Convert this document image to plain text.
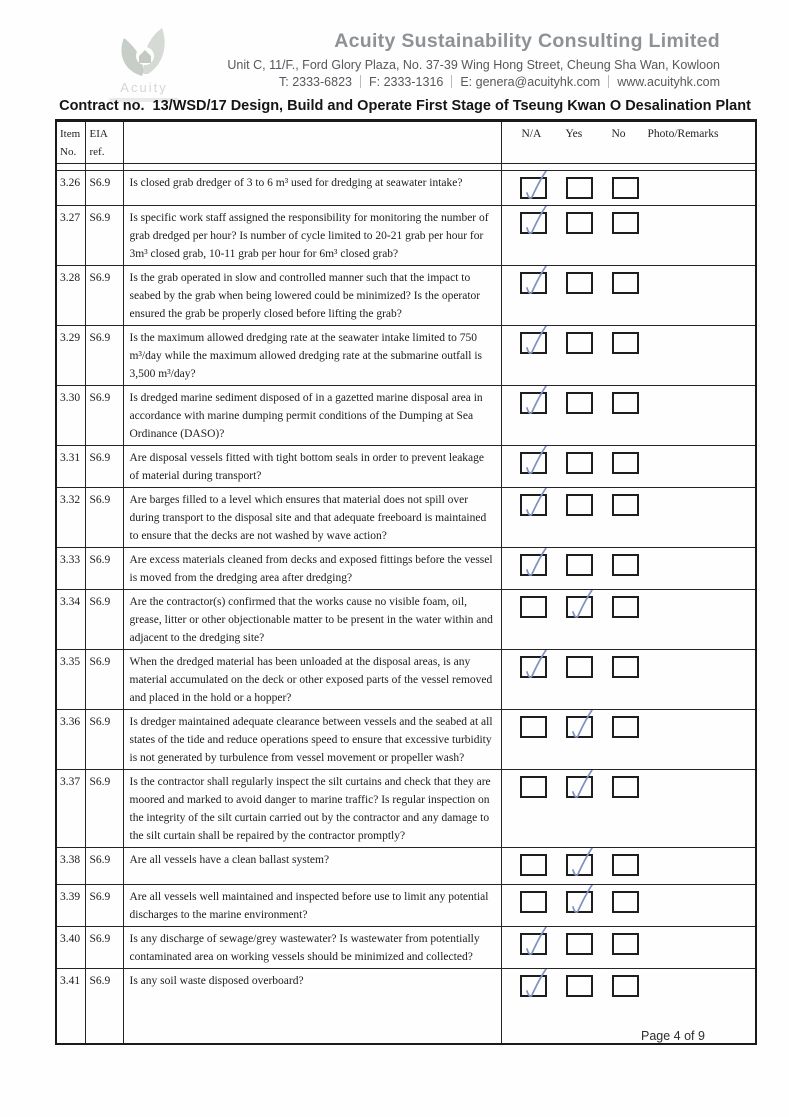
Acuity
Acuity Sustainability Consulting Limited
Unit C, 11/F., Ford Glory Plaza, No. 37-39 Wing Hong Street, Cheung Sha Wan, Kowloon
T: 2333-6823 F: 2333-1316 E: genera@acuityhk.com www.acuityhk.com
Contract no.  13/WSD/17 Design, Build and Operate First Stage of Tseung Kwan O Desalination Plant
Item
No.	EIA ref.		N/A Yes No Photo/Remarks

3.26	S6.9	Is closed grab dredger of 3 to 6 m³ used for dredging at seawater intake?

3.27	S6.9	Is specific work staff assigned the responsibility for monitoring the number of grab dredged per hour? Is number of cycle limited to 20-21 grab per hour for 3m³ closed grab, 10-11 grab per hour for 6m³ closed grab?

3.28	S6.9	Is the grab operated in slow and controlled manner such that the impact to seabed by the grab when being lowered could be minimized? Is the operator ensured the grab be properly closed before lifting the grab?

3.29	S6.9	Is the maximum allowed dredging rate at the seawater intake limited to 750 m³/day while the maximum allowed dredging rate at the submarine outfall is 3,500 m³/day?

3.30	S6.9	Is dredged marine sediment disposed of in a gazetted marine disposal area in accordance with marine dumping permit conditions of the Dumping at Sea Ordinance (DASO)?

3.31	S6.9	Are disposal vessels fitted with tight bottom seals in order to prevent leakage of material during transport?

3.32	S6.9	Are barges filled to a level which ensures that material does not spill over during transport to the disposal site and that adequate freeboard is maintained to ensure that the decks are not washed by wave action?

3.33	S6.9	Are excess materials cleaned from decks and exposed fittings before the vessel is moved from the dredging area after dredging?

3.34	S6.9	Are the contractor(s) confirmed that the works cause no visible foam, oil, grease, litter or other objectionable matter to be present in the water within and adjacent to the dredging site?

3.35	S6.9	When the dredged material has been unloaded at the disposal areas, is any material accumulated on the deck or other exposed parts of the vessel removed and placed in the hold or a hopper?

3.36	S6.9	Is dredger maintained adequate clearance between vessels and the seabed at all states of the tide and reduce operations speed to ensure that excessive turbidity is not generated by turbulence from vessel movement or propeller wash?

3.37	S6.9	Is the contractor shall regularly inspect the silt curtains and check that they are moored and marked to avoid danger to marine traffic? Is regular inspection on the integrity of the silt curtain carried out by the contractor and any damage to the silt curtain shall be repaired by the contractor promptly?

3.38	S6.9	Are all vessels have a clean ballast system?

3.39	S6.9	Are all vessels well maintained and inspected before use to limit any potential discharges to the marine environment?

3.40	S6.9	Is any discharge of sewage/grey wastewater? Is wastewater from potentially contaminated area on working vessels should be minimized and collected?

3.41	S6.9	Is any soil waste disposed overboard?

Page 4 of 9
